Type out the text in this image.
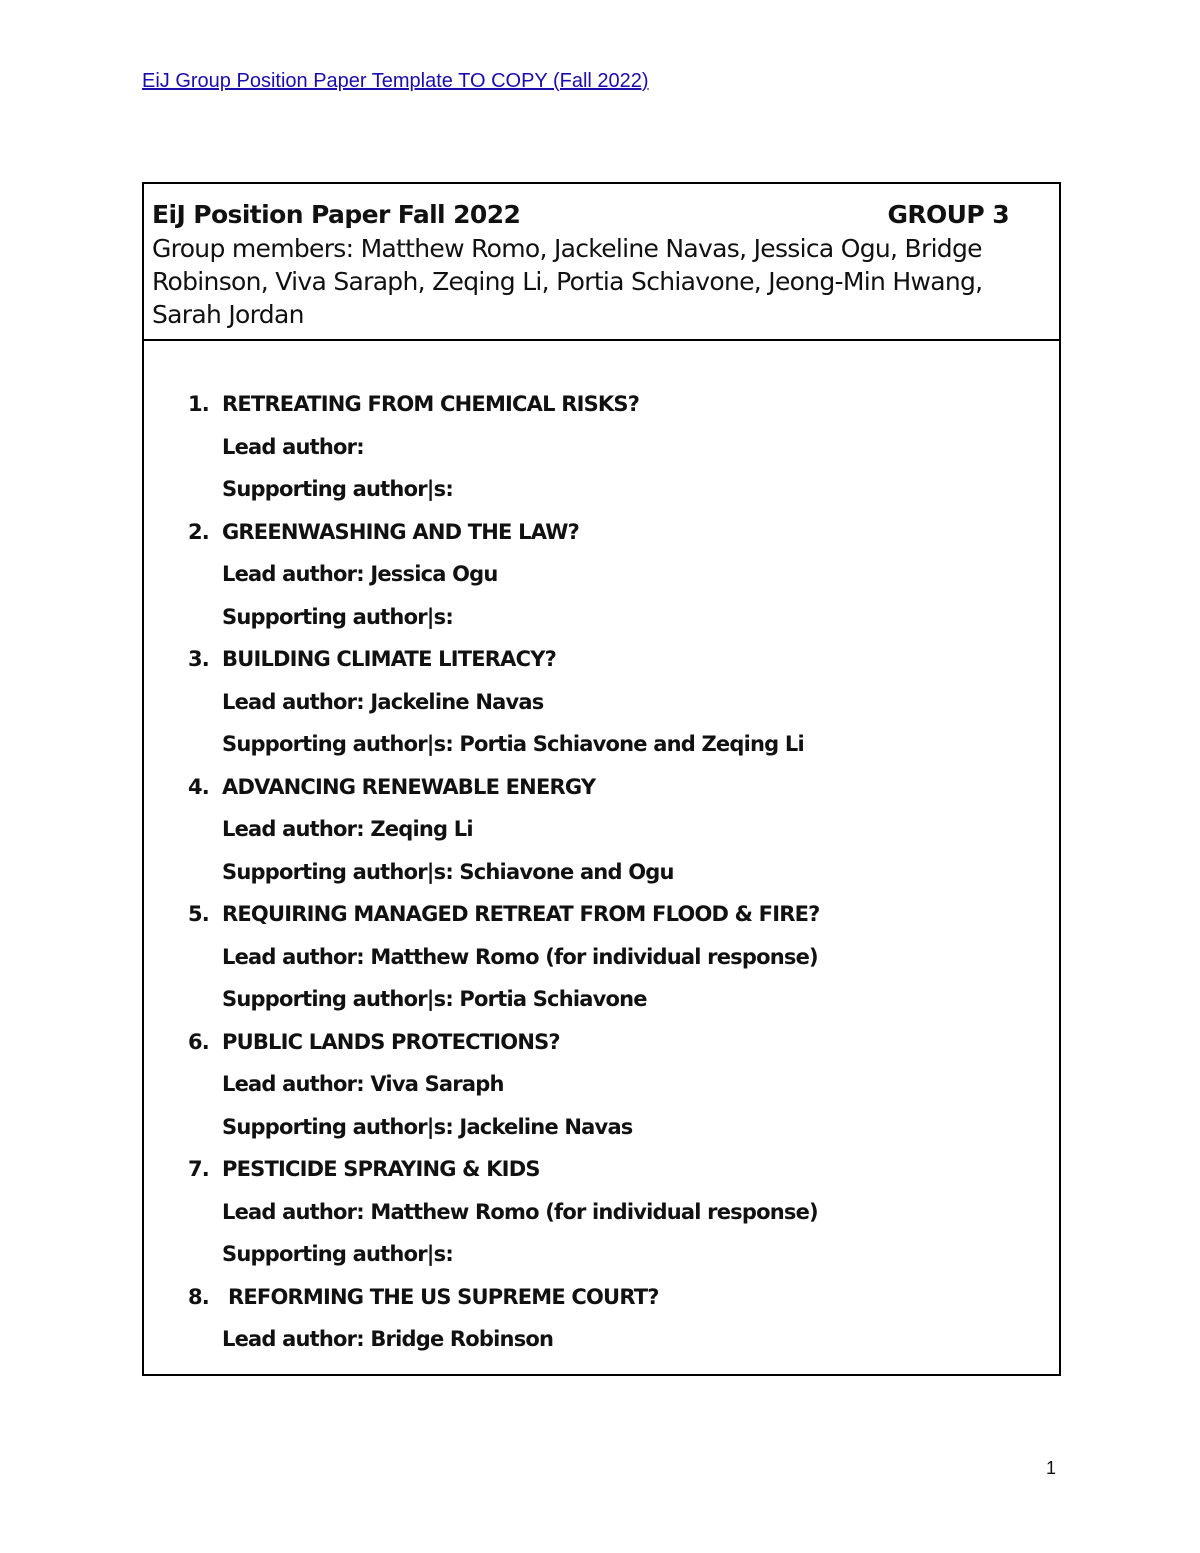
EiJ Group Position Paper Template TO COPY (Fall 2022)
EiJ Position Paper Fall 2022	GROUP 3
Group members: Matthew Romo, Jackeline Navas, Jessica Ogu, Bridge Robinson, Viva Saraph, Zeqing Li, Portia Schiavone, Jeong-Min Hwang, Sarah Jordan
1. RETREATING FROM CHEMICAL RISKS?
Lead author:
Supporting author|s:
2. GREENWASHING AND THE LAW?
Lead author: Jessica Ogu
Supporting author|s:
3. BUILDING CLIMATE LITERACY?
Lead author: Jackeline Navas
Supporting author|s: Portia Schiavone and Zeqing Li
4. ADVANCING RENEWABLE ENERGY
Lead author: Zeqing Li
Supporting author|s: Schiavone and Ogu
5. REQUIRING MANAGED RETREAT FROM FLOOD & FIRE?
Lead author: Matthew Romo (for individual response)
Supporting author|s: Portia Schiavone
6. PUBLIC LANDS PROTECTIONS?
Lead author: Viva Saraph
Supporting author|s: Jackeline Navas
7. PESTICIDE SPRAYING & KIDS
Lead author: Matthew Romo (for individual response)
Supporting author|s:
8. REFORMING THE US SUPREME COURT?
Lead author: Bridge Robinson
1
